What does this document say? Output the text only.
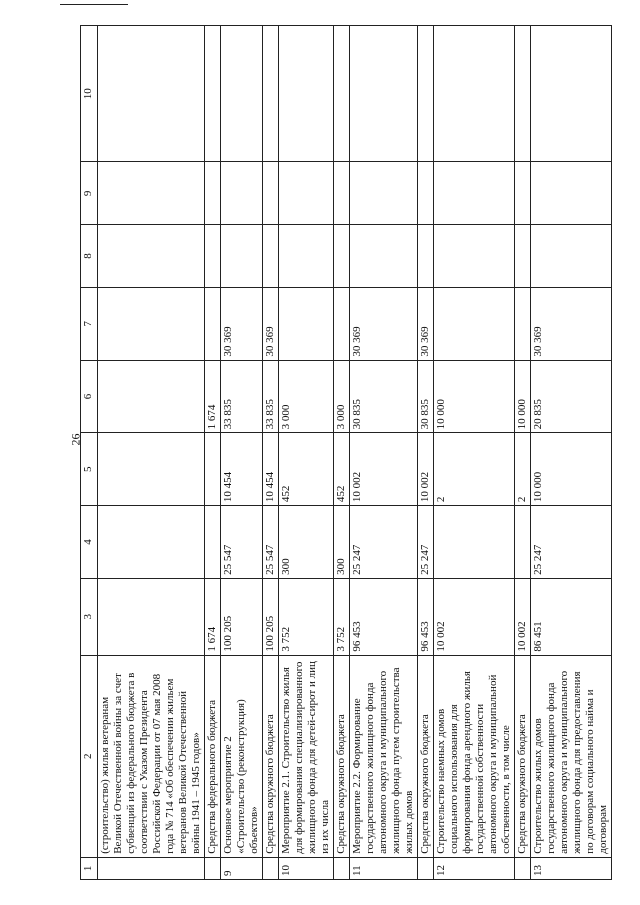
26
1	2	3	4	5	6	7	8	9	10
	(строительство) жилья ветеранам Великой Отечественной войны за счет субвенций из федерального бюджета в соответствии с Указом Президента Российской Федерации от 07 мая 2008 года № 714 «Об обеспечении жильем ветеранов Великой Отечественной войны 1941 – 1945 годов»								
	Средства федерального бюджета	1 674			1 674				
9	Основное мероприятие 2 «Строительство (реконструкция) объектов»	100 205	25 547	10 454	33 835	30 369			
	Средства окружного бюджета	100 205	25 547	10 454	33 835	30 369			
10	Мероприятие 2.1. Строительство жилья для формирования специализированного жилищного фонда для детей-сирот и лиц из их числа	3 752	300	452	3 000				
	Средства окружного бюджета	3 752	300	452	3 000				
11	Мероприятие 2.2. Формирование государственного жилищного фонда автономного округа и муниципального жилищного фонда путем строительства жилых домов	96 453	25 247	10 002	30 835	30 369			
	Средства окружного бюджета	96 453	25 247	10 002	30 835	30 369			
12	Строительство наемных домов социального использования для формирования фонда арендного жилья государственной собственности автономного округа и муниципальной собственности, в том числе	10 002		2	10 000				
	Средства окружного бюджета	10 002		2	10 000				
13	Строительство жилых домов государственного жилищного фонда автономного округа и муниципального жилищного фонда для предоставления по договорам социального найма и договорам	86 451	25 247	10 000	20 835	30 369			
